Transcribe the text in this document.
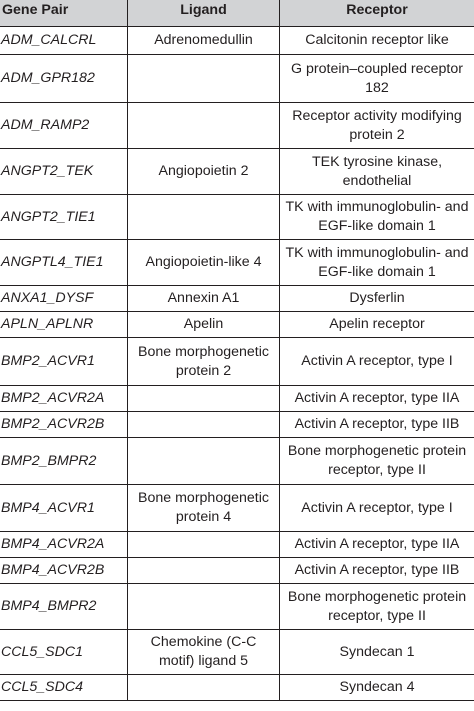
Gene Pair	Ligand	Receptor
ADM_CALCRL	Adrenomedullin	Calcitonin receptor like
ADM_GPR182		G protein–coupled receptor 182
ADM_RAMP2		Receptor activity modifying protein 2
ANGPT2_TEK	Angiopoietin 2	TEK tyrosine kinase, endothelial
ANGPT2_TIE1		TK with immunoglobulin- and EGF-like domain 1
ANGPTL4_TIE1	Angiopoietin-like 4	TK with immunoglobulin- and EGF-like domain 1
ANXA1_DYSF	Annexin A1	Dysferlin
APLN_APLNR	Apelin	Apelin receptor
BMP2_ACVR1	Bone morphogenetic protein 2	Activin A receptor, type I
BMP2_ACVR2A		Activin A receptor, type IIA
BMP2_ACVR2B		Activin A receptor, type IIB
BMP2_BMPR2		Bone morphogenetic protein receptor, type II
BMP4_ACVR1	Bone morphogenetic protein 4	Activin A receptor, type I
BMP4_ACVR2A		Activin A receptor, type IIA
BMP4_ACVR2B		Activin A receptor, type IIB
BMP4_BMPR2		Bone morphogenetic protein receptor, type II
CCL5_SDC1	Chemokine (C-C motif) ligand 5	Syndecan 1
CCL5_SDC4		Syndecan 4
